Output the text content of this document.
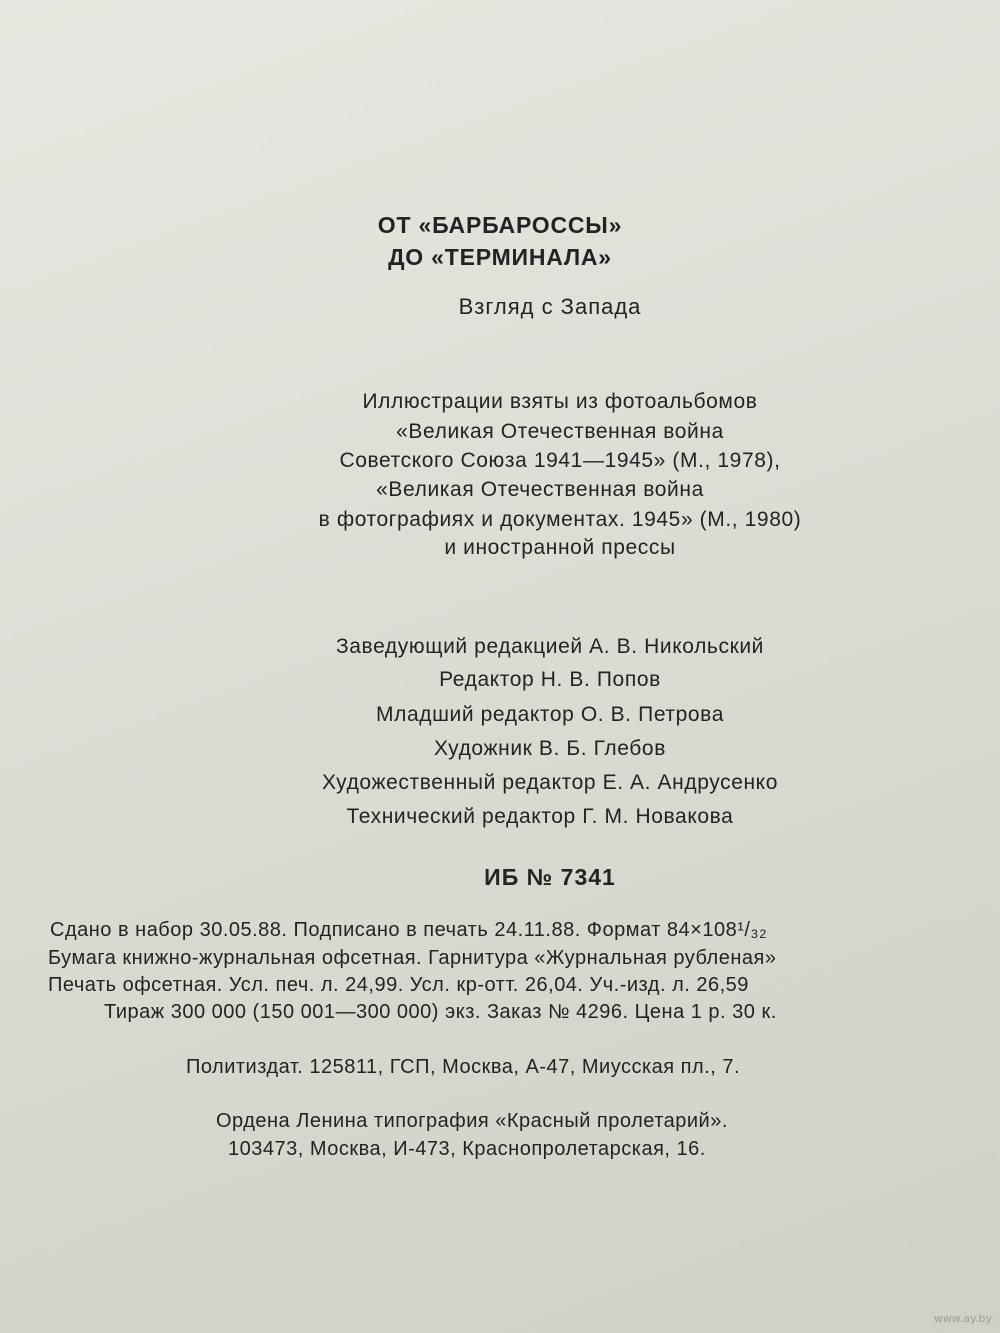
ОТ «БАРБАРОССЫ»
ДО «ТЕРМИНАЛА»
Взгляд с Запада
Иллюстрации взяты из фотоальбомов
«Великая Отечественная война
Советского Союза 1941—1945» (М., 1978),
«Великая Отечественная война
в фотографиях и документах. 1945» (М., 1980)
и иностранной прессы
Заведующий редакцией А. В. Никольский
Редактор Н. В. Попов
Младший редактор О. В. Петрова
Художник В. Б. Глебов
Художественный редактор Е. А. Андрусенко
Технический редактор Г. М. Новакова
ИБ № 7341
Сдано в набор 30.05.88. Подписано в печать 24.11.88. Формат 84×108¹/₃₂
Бумага книжно-журнальная офсетная. Гарнитура «Журнальная рубленая»
Печать офсетная. Усл. печ. л. 24,99. Усл. кр-отт. 26,04. Уч.-изд. л. 26,59
Тираж 300 000 (150 001—300 000) экз. Заказ № 4296. Цена 1 р. 30 к.
Политиздат. 125811, ГСП, Москва, А-47, Миусская пл., 7.
Ордена Ленина типография «Красный пролетарий».
103473, Москва, И-473, Краснопролетарская, 16.
www.ay.by
